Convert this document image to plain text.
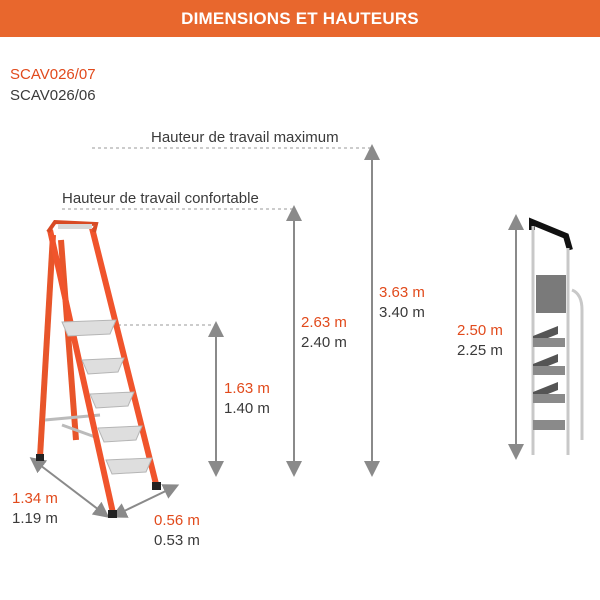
DIMENSIONS ET HAUTEURS
SCAV026/07
SCAV026/06
Hauteur de travail maximum
Hauteur de travail confortable
3.63 m
3.40 m
2.63 m
2.40 m
1.63 m
1.40 m
1.34 m
1.19 m	0.56 m
0.53 m
2.50 m
2.25 m
